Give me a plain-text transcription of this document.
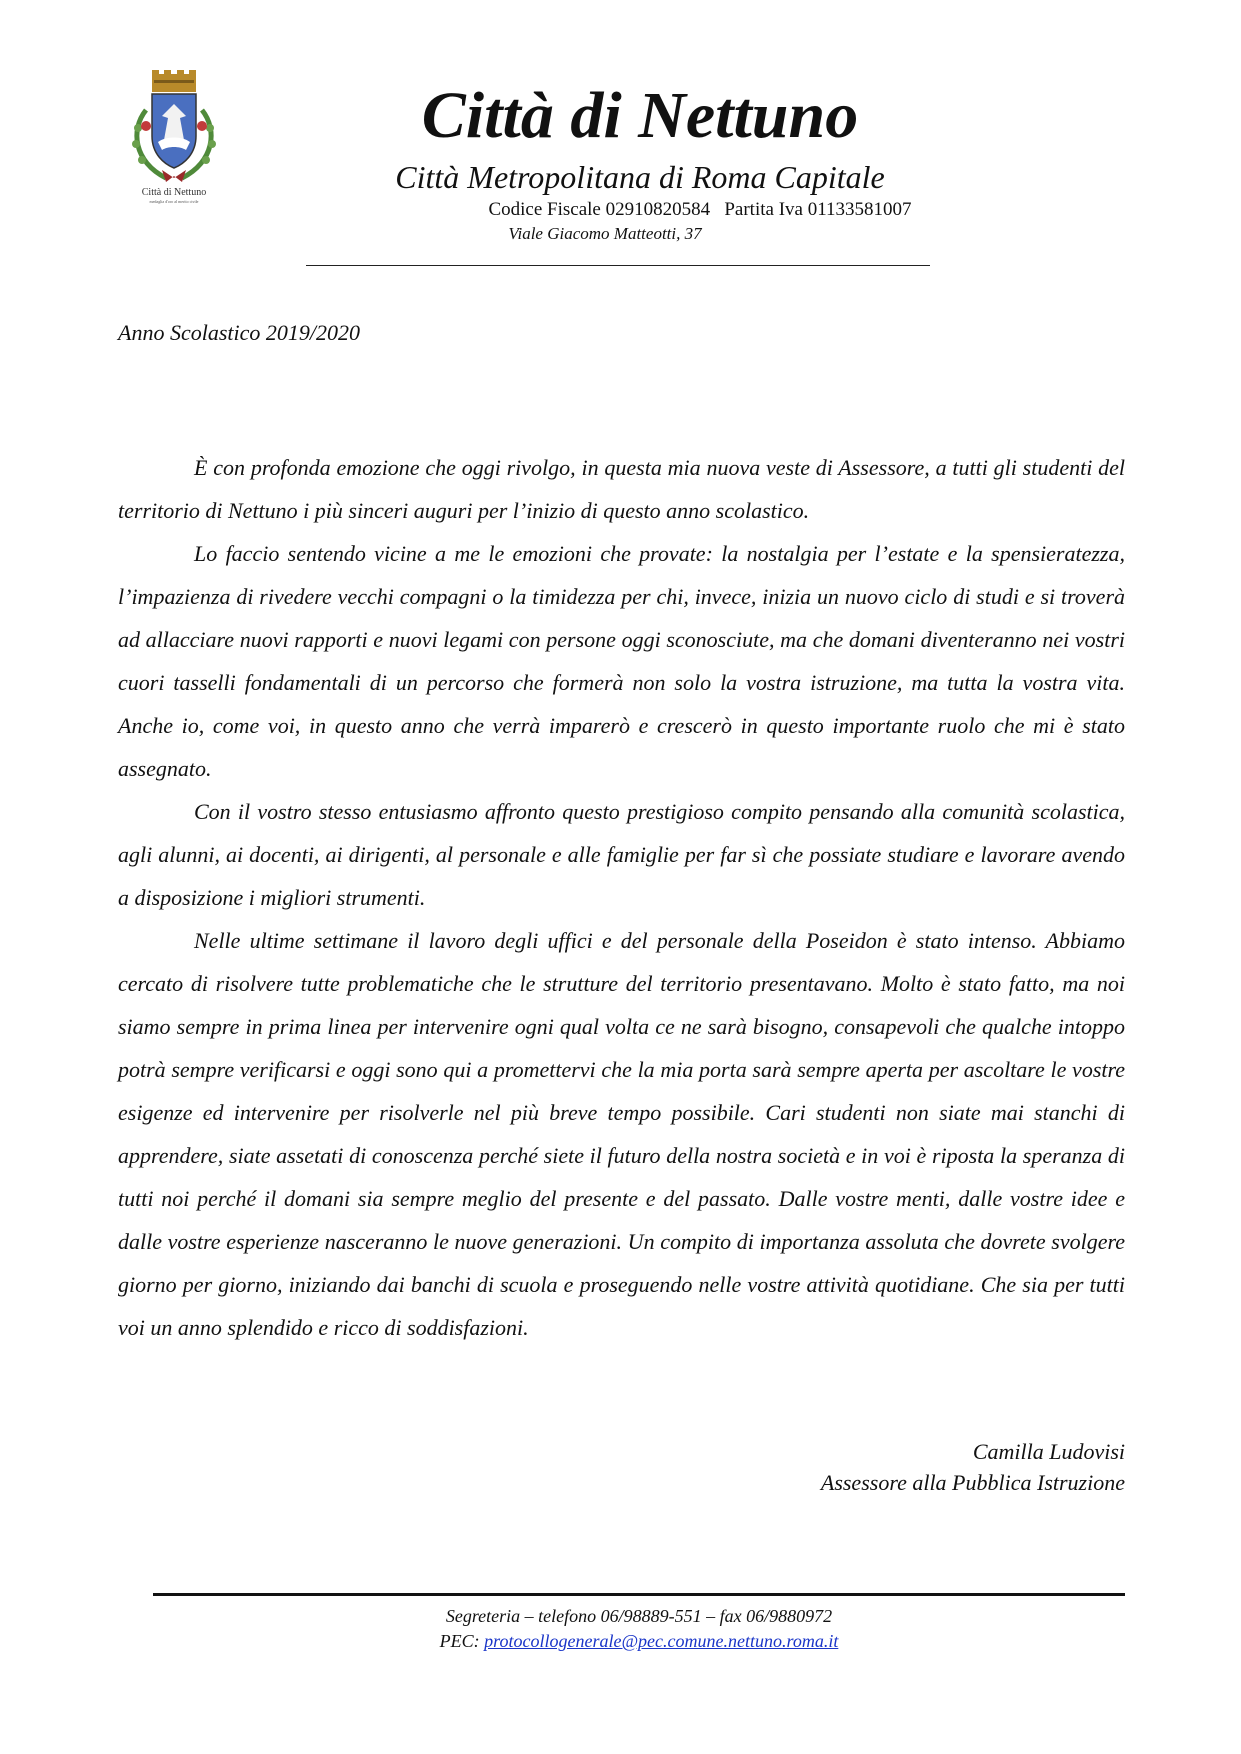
Città di Nettuno
medaglia d'oro al merito civile
Città di Nettuno
Città Metropolitana di Roma Capitale
Codice Fiscale 02910820584   Partita Iva 01133581007
Viale Giacomo Matteotti, 37
Anno Scolastico 2019/2020

È con profonda emozione che oggi rivolgo, in questa mia nuova veste di Assessore, a tutti gli studenti del territorio di Nettuno i più sinceri auguri per l’inizio di questo anno scolastico.

Lo faccio sentendo vicine a me le emozioni che provate: la nostalgia per l’estate e la spensieratezza, l’impazienza di rivedere vecchi compagni o la timidezza per chi, invece, inizia un nuovo ciclo di studi e si troverà ad allacciare nuovi rapporti e nuovi legami con persone oggi sconosciute, ma che domani diventeranno nei vostri cuori tasselli fondamentali di un percorso che formerà non solo la vostra istruzione, ma tutta la vostra vita. Anche io, come voi, in questo anno che verrà imparerò e crescerò in questo importante ruolo che mi è stato assegnato.

Con il vostro stesso entusiasmo affronto questo prestigioso compito pensando alla comunità scolastica, agli alunni, ai docenti, ai dirigenti, al personale e alle famiglie per far sì che possiate studiare e lavorare avendo a disposizione i migliori strumenti.

Nelle ultime settimane il lavoro degli uffici e del personale della Poseidon è stato intenso. Abbiamo cercato di risolvere tutte problematiche che le strutture del territorio presentavano. Molto è stato fatto, ma noi siamo sempre in prima linea per intervenire ogni qual volta ce ne sarà bisogno, consapevoli che qualche intoppo potrà sempre verificarsi e oggi sono qui a promettervi che la mia porta sarà sempre aperta per ascoltare le vostre esigenze ed intervenire per risolverle nel più breve tempo possibile. Cari studenti non siate mai stanchi di apprendere, siate assetati di conoscenza perché siete il futuro della nostra società e in voi è riposta la speranza di tutti noi perché il domani sia sempre meglio del presente e del passato. Dalle vostre menti, dalle vostre idee e dalle vostre esperienze nasceranno le nuove generazioni. Un compito di importanza assoluta che dovrete svolgere giorno per giorno, iniziando dai banchi di scuola e proseguendo nelle vostre attività quotidiane. Che sia per tutti voi un anno splendido e ricco di soddisfazioni.

Camilla Ludovisi
Assessore alla Pubblica Istruzione
Segreteria – telefono 06/98889-551 – fax 06/9880972
PEC: protocollogenerale@pec.comune.nettuno.roma.it
